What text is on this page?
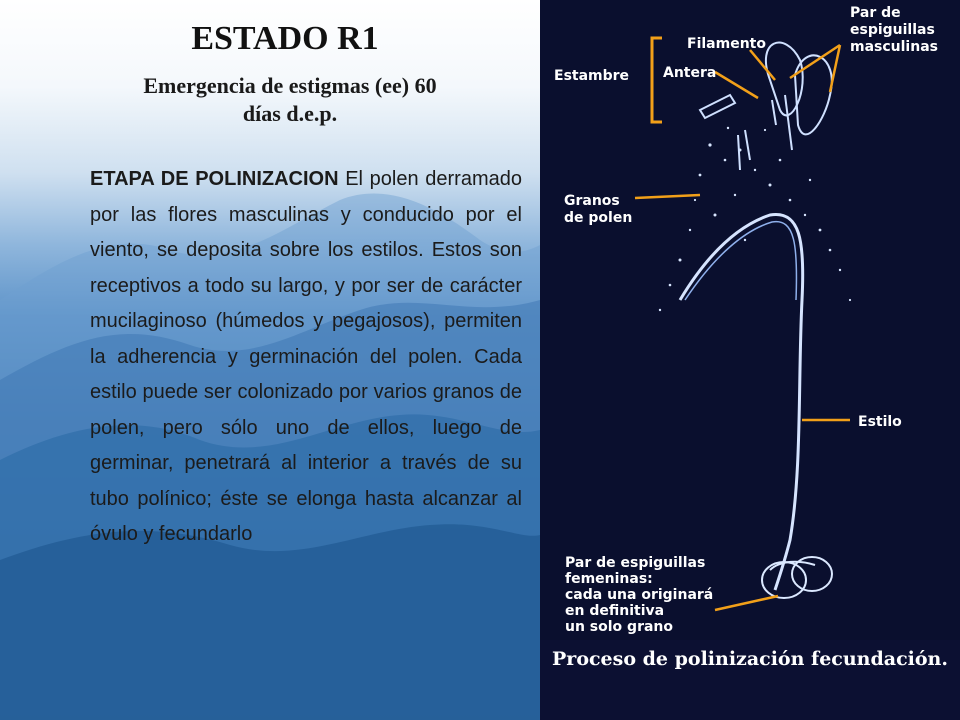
ESTADO R1
Emergencia de estigmas (ee) 60
días d.e.p.

ETAPA DE POLINIZACION El polen derramado por las flores masculinas y conducido por el viento, se deposita sobre los estilos. Estos son receptivos a todo su largo, y por ser de carácter mucilaginoso (húmedos y pegajosos), permiten la adherencia y germinación del polen. Cada estilo puede ser colonizado por varios granos de polen, pero sólo uno de ellos, luego de germinar, penetrará al interior a través de su tubo polínico; éste se elonga hasta alcanzar al óvulo y fecundarlo

Par de
espiguillas
masculinas
Filamento
Estambre Antera
Granos
de polen
Estilo
Par de espiguillas
femeninas:
cada una originará
en definitiva
un solo grano
Proceso de polinización fecundación.
